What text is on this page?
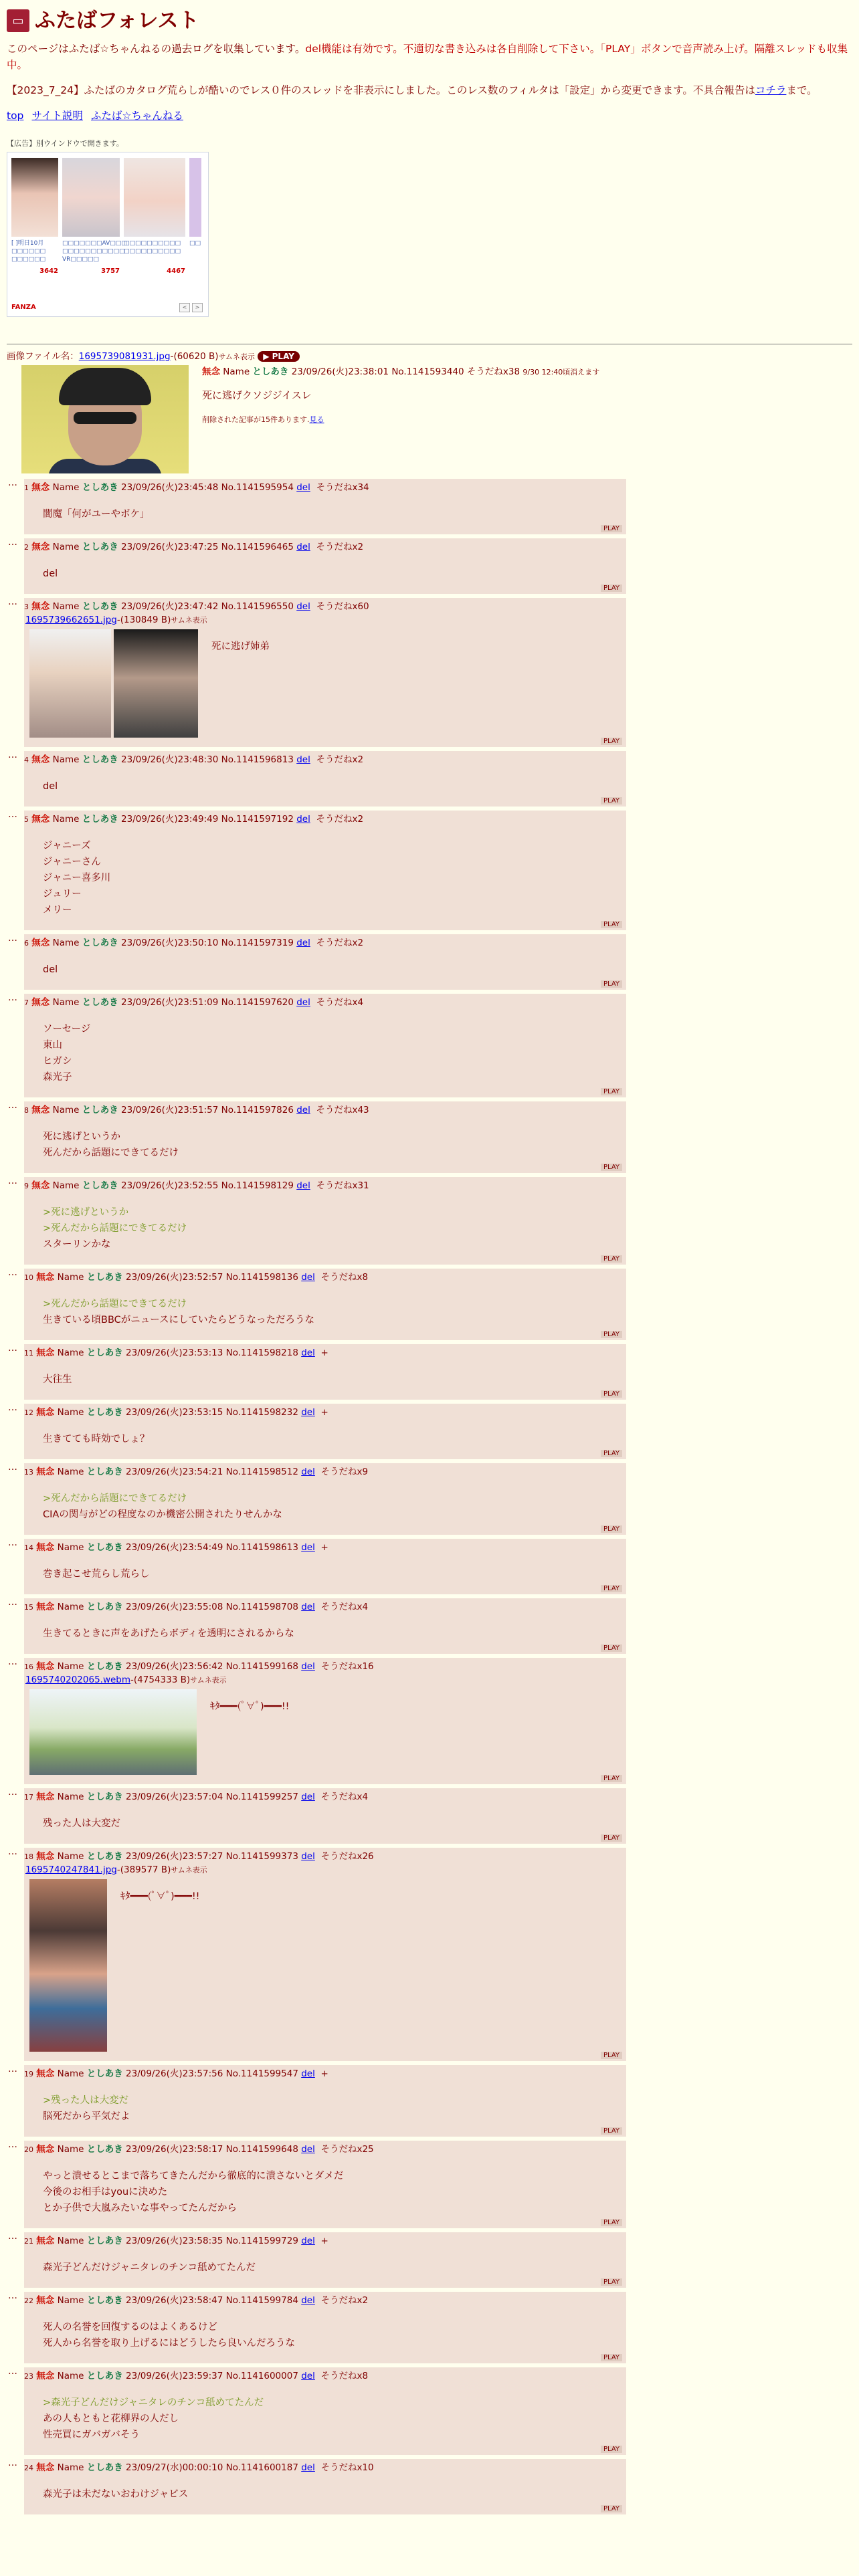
▭ ふたばフォレスト

このページはふたば☆ちゃんねるの過去ログを収集しています。del機能は有効です。不適切な書き込みは各自削除して下さい。「PLAY」ボタンで音声読み上げ。隔離スレッドも収集中。

【2023_7_24】ふたばのカタログ荒らしが酷いのでレス０件のスレッドを非表示にしました。このレス数のフィルタは「設定」から変更できます。不具合報告はコチラまで。

top サイト説明 ふたば☆ちゃんねる
【広告】別ウインドウで開きます。
[ ]明日10月 □□□□□□ □□□□□□
□□□□□□□AV□□□ □□□□□□□□□□□ VR□□□□□
□□□□□□□□□□ □□□□□□□□□□
□□
3642	3757	4467
FANZA	<	>
画像ファイル名：1695739081931.jpg-(60620 B)サムネ表示 ▶ PLAY
無念 Name としあき 23/09/26(火)23:38:01 No.1141593440 そうだねx38 9/30 12:40頃消えます
死に逃げクソジジイスレ
削除された記事が15件あります.見る
… 1 無念 Name としあき 23/09/26(火)23:45:48 No.1141595954 del そうだねx34
闇魔「何がユーやボケ」
PLAY
… 2 無念 Name としあき 23/09/26(火)23:47:25 No.1141596465 del そうだねx2
del
PLAY
… 3 無念 Name としあき 23/09/26(火)23:47:42 No.1141596550 del そうだねx60
1695739662651.jpg-(130849 B)サムネ表示
死に逃げ姉弟
PLAY
… 4 無念 Name としあき 23/09/26(火)23:48:30 No.1141596813 del そうだねx2
del
PLAY
… 5 無念 Name としあき 23/09/26(火)23:49:49 No.1141597192 del そうだねx2
ジャニーズ
ジャニーさん
ジャニー喜多川
ジュリー
メリー
PLAY
… 6 無念 Name としあき 23/09/26(火)23:50:10 No.1141597319 del そうだねx2
del
PLAY
… 7 無念 Name としあき 23/09/26(火)23:51:09 No.1141597620 del そうだねx4
ソーセージ
東山
ヒガシ
森光子
PLAY
… 8 無念 Name としあき 23/09/26(火)23:51:57 No.1141597826 del そうだねx43
死に逃げというか
死んだから話題にできてるだけ
PLAY
… 9 無念 Name としあき 23/09/26(火)23:52:55 No.1141598129 del そうだねx31
>死に逃げというか
>死んだから話題にできてるだけ
スターリンかな
PLAY
… 10 無念 Name としあき 23/09/26(火)23:52:57 No.1141598136 del そうだねx8
>死んだから話題にできてるだけ
生きている頃BBCがニュースにしていたらどうなっただろうな
PLAY
… 11 無念 Name としあき 23/09/26(火)23:53:13 No.1141598218 del +
大往生
PLAY
… 12 無念 Name としあき 23/09/26(火)23:53:15 No.1141598232 del +
生きてても時効でしょ？
PLAY
… 13 無念 Name としあき 23/09/26(火)23:54:21 No.1141598512 del そうだねx9
>死んだから話題にできてるだけ
CIAの関与がどの程度なのか機密公開されたりせんかな
PLAY
… 14 無念 Name としあき 23/09/26(火)23:54:49 No.1141598613 del +
巻き起こせ荒らし荒らし
PLAY
… 15 無念 Name としあき 23/09/26(火)23:55:08 No.1141598708 del そうだねx4
生きてるときに声をあげたらボディを透明にされるからな
PLAY
… 16 無念 Name としあき 23/09/26(火)23:56:42 No.1141599168 del そうだねx16
1695740202065.webm-(4754333 B)サムネ表示
ｷﾀ━━━(ﾟ∀ﾟ)━━━!!
PLAY
… 17 無念 Name としあき 23/09/26(火)23:57:04 No.1141599257 del そうだねx4
残った人は大変だ
PLAY
… 18 無念 Name としあき 23/09/26(火)23:57:27 No.1141599373 del そうだねx26
1695740247841.jpg-(389577 B)サムネ表示
ｷﾀ━━━(ﾟ∀ﾟ)━━━!!
PLAY
… 19 無念 Name としあき 23/09/26(火)23:57:56 No.1141599547 del +
>残った人は大変だ
脳死だから平気だよ
PLAY
… 20 無念 Name としあき 23/09/26(火)23:58:17 No.1141599648 del そうだねx25
やっと潰せるとこまで落ちてきたんだから徹底的に潰さないとダメだ
今後のお相手はyouに決めた
とか子供で大嵐みたいな事やってたんだから
PLAY
… 21 無念 Name としあき 23/09/26(火)23:58:35 No.1141599729 del +
森光子どんだけジャニタレのチンコ舐めてたんだ
PLAY
… 22 無念 Name としあき 23/09/26(火)23:58:47 No.1141599784 del そうだねx2
死人の名誉を回復するのはよくあるけど
死人から名誉を取り上げるにはどうしたら良いんだろうな
PLAY
… 23 無念 Name としあき 23/09/26(火)23:59:37 No.1141600007 del そうだねx8
>森光子どんだけジャニタレのチンコ舐めてたんだ
あの人もともと花柳界の人だし
性売買にガバガバそう
PLAY
… 24 無念 Name としあき 23/09/27(水)00:00:10 No.1141600187 del そうだねx10
森光子は未だないおわけジャビス
PLAY
